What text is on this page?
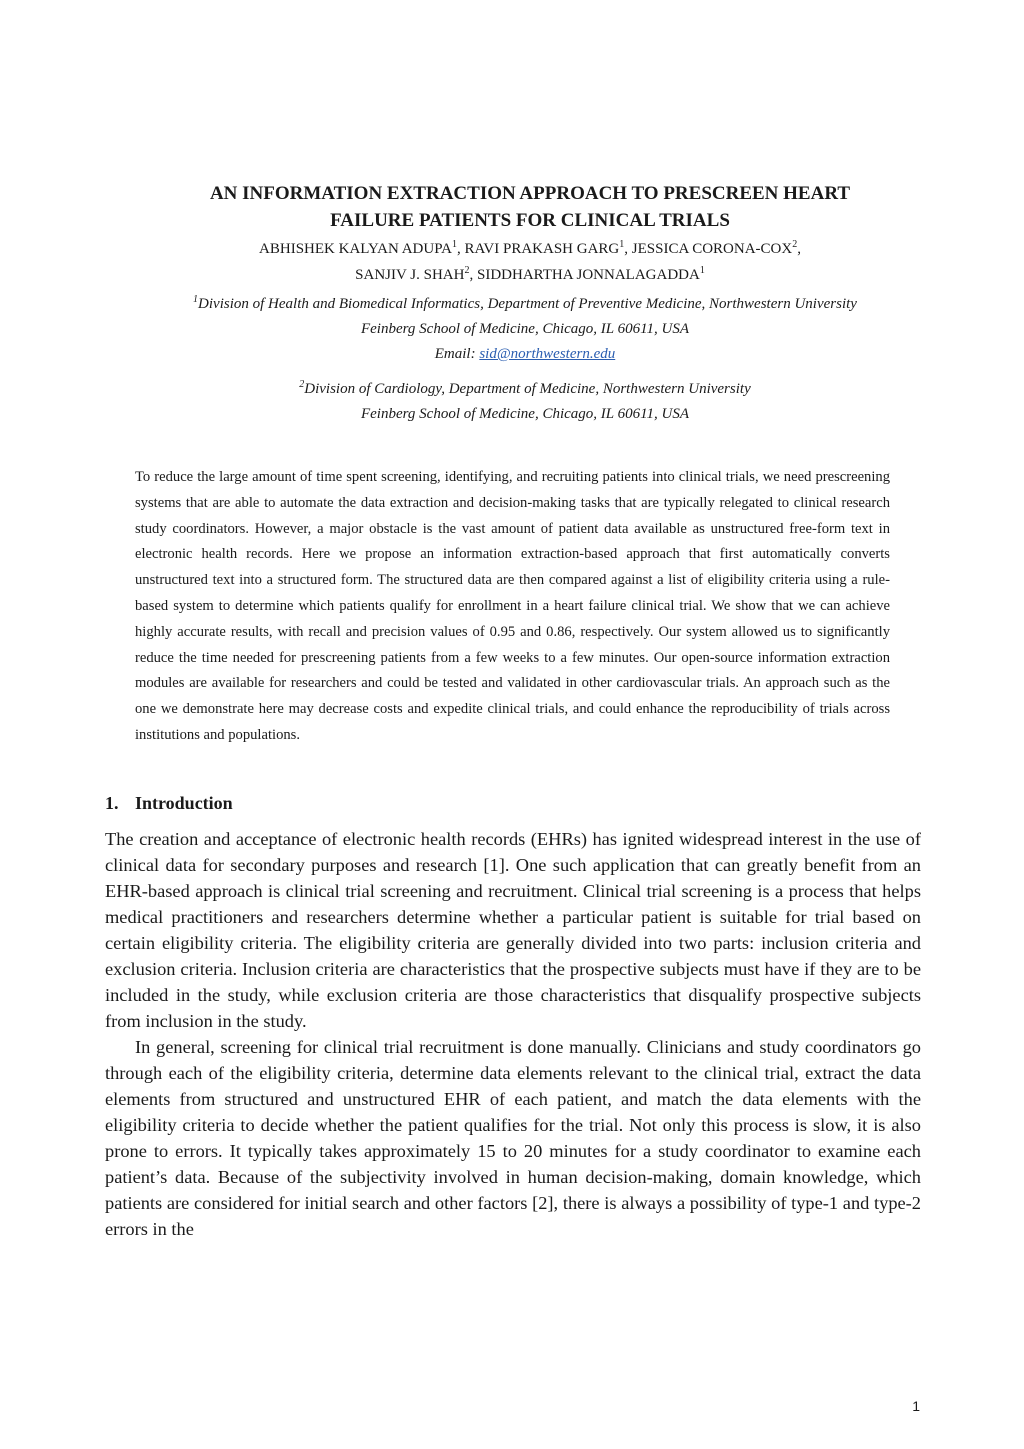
AN INFORMATION EXTRACTION APPROACH TO PRESCREEN HEART
FAILURE PATIENTS FOR CLINICAL TRIALS

ABHISHEK KALYAN ADUPA$^1$, RAVI PRAKASH GARG$^1$, JESSICA CORONA-COX$^2$,
SANJIV J. SHAH$^2$, SIDDHARTHA JONNALAGADDA$^1$

$^1$Division of Health and Biomedical Informatics, Department of Preventive Medicine, Northwestern University
Feinberg School of Medicine, Chicago, IL 60611, USA
Email: sid@northwestern.edu

$^2$Division of Cardiology, Department of Medicine, Northwestern University
Feinberg School of Medicine, Chicago, IL 60611, USA

To reduce the large amount of time spent screening, identifying, and recruiting patients into clinical trials, we need prescreening systems that are able to automate the data extraction and decision-making tasks that are typically relegated to clinical research study coordinators. However, a major obstacle is the vast amount of patient data available as unstructured free-form text in electronic health records. Here we propose an information extraction-based approach that first automatically converts unstructured text into a structured form. The structured data are then compared against a list of eligibility criteria using a rule-based system to determine which patients qualify for enrollment in a heart failure clinical trial. We show that we can achieve highly accurate results, with recall and precision values of 0.95 and 0.86, respectively. Our system allowed us to significantly reduce the time needed for prescreening patients from a few weeks to a few minutes. Our open-source information extraction modules are available for researchers and could be tested and validated in other cardiovascular trials. An approach such as the one we demonstrate here may decrease costs and expedite clinical trials, and could enhance the reproducibility of trials across institutions and populations.

1. Introduction

The creation and acceptance of electronic health records (EHRs) has ignited widespread interest in the use of clinical data for secondary purposes and research [1]. One such application that can greatly benefit from an EHR-based approach is clinical trial screening and recruitment. Clinical trial screening is a process that helps medical practitioners and researchers determine whether a particular patient is suitable for trial based on certain eligibility criteria. The eligibility criteria are generally divided into two parts: inclusion criteria and exclusion criteria. Inclusion criteria are characteristics that the prospective subjects must have if they are to be included in the study, while exclusion criteria are those characteristics that disqualify prospective subjects from inclusion in the study.

In general, screening for clinical trial recruitment is done manually. Clinicians and study coordinators go through each of the eligibility criteria, determine data elements relevant to the clinical trial, extract the data elements from structured and unstructured EHR of each patient, and match the data elements with the eligibility criteria to decide whether the patient qualifies for the trial. Not only this process is slow, it is also prone to errors. It typically takes approximately 15 to 20 minutes for a study coordinator to examine each patient’s data. Because of the subjectivity involved in human decision-making, domain knowledge, which patients are considered for initial search and other factors [2], there is always a possibility of type-1 and type-2 errors in the

1
